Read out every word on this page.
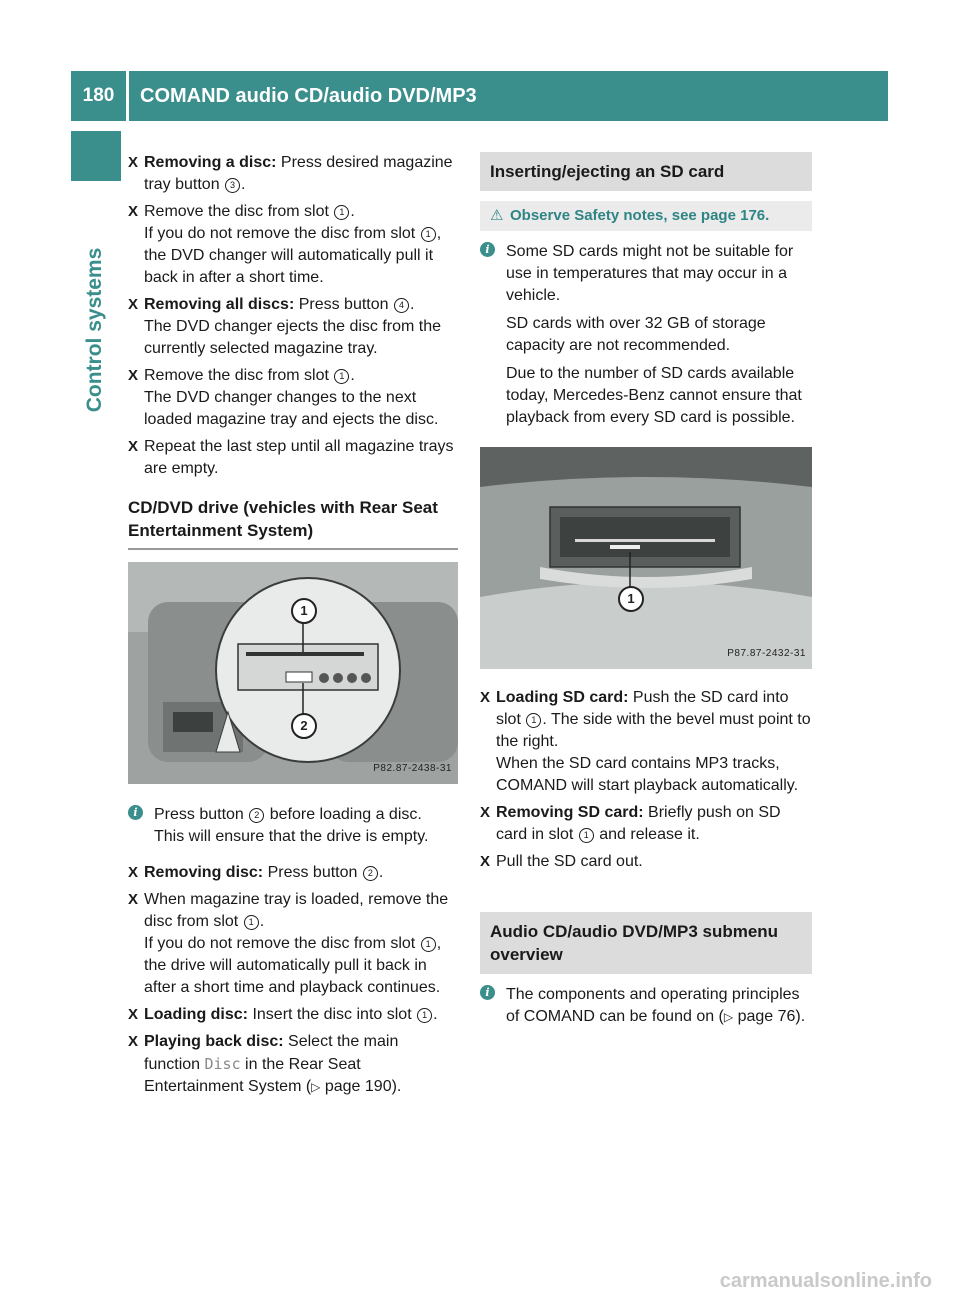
180	COMAND audio CD/audio DVD/MP3
Control systems
X Removing a disc: Press desired magazine tray button 3 .
X Remove the disc from slot 1 .
If you do not remove the disc from slot 1 , the DVD changer will automatically pull it back in after a short time.
X Removing all discs: Press button 4 .
The DVD changer ejects the disc from the currently selected magazine tray.
X Remove the disc from slot 1 .
The DVD changer changes to the next loaded magazine tray and ejects the disc.
X Repeat the last step until all magazine trays are empty.
CD/DVD drive (vehicles with Rear Seat Entertainment System)
1
2
P82.87-2438-31
i	Press button 2 before loading a disc.
This will ensure that the drive is empty.
X Removing disc: Press button 2 .
X When magazine tray is loaded, remove the disc from slot 1 .
If you do not remove the disc from slot 1 , the drive will automatically pull it back in after a short time and playback continues.
X Loading disc: Insert the disc into slot 1 .
X Playing back disc: Select the main function Disc in the Rear Seat Entertainment System (▷ page 190).
Inserting/ejecting an SD card
⚠ Observe Safety notes, see page 176.
i	Some SD cards might not be suitable for use in temperatures that may occur in a vehicle.

SD cards with over 32 GB of storage capacity are not recommended.

Due to the number of SD cards available today, Mercedes-Benz cannot ensure that playback from every SD card is possible.

1
P87.87-2432-31
X Loading SD card: Push the SD card into slot 1 . The side with the bevel must point to the right.
When the SD card contains MP3 tracks, COMAND will start playback automatically.
X Removing SD card: Briefly push on SD card in slot 1 and release it.
X Pull the SD card out.
Audio CD/audio DVD/MP3 submenu overview
i	The components and operating principles of COMAND can be found on (▷ page 76).
carmanualsonline.info
